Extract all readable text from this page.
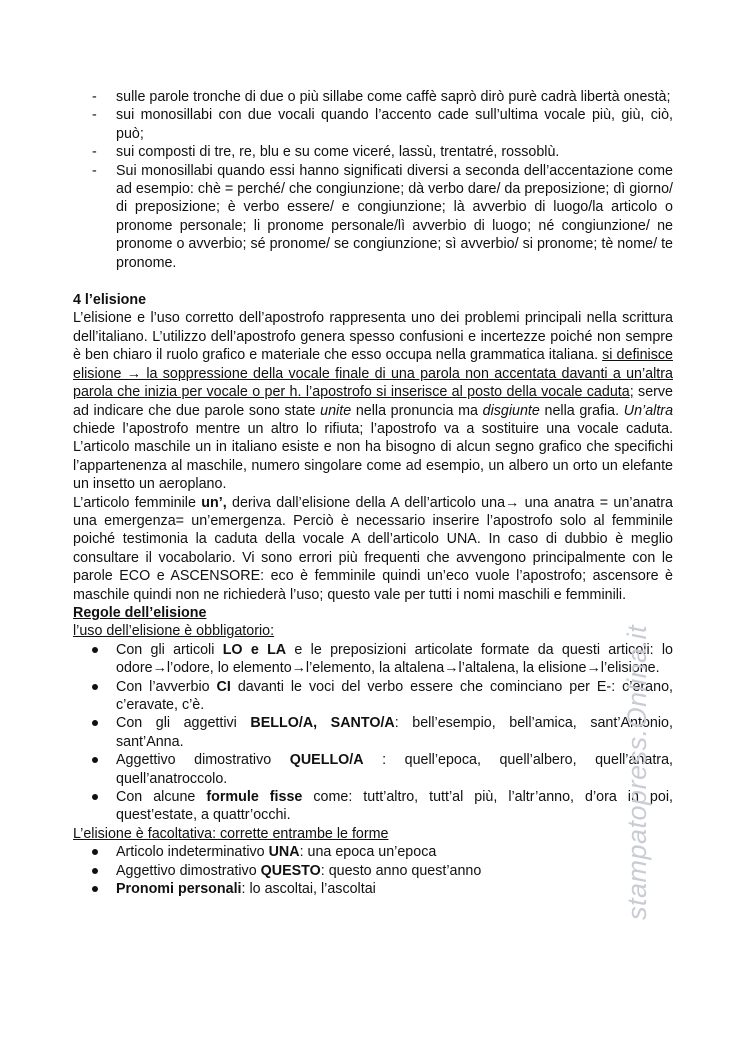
- sulle parole tronche di due o più sillabe come caffè saprò dirò purè cadrà libertà onestà;
- sui monosillabi con due vocali quando l’accento cade sull’ultima vocale più, giù, ciò, può;
- sui composti di tre, re, blu e su come viceré, lassù, trentatré, rossoblù.
- Sui monosillabi quando essi hanno significati diversi a seconda dell’accentazione come ad esempio: chè = perché/ che congiunzione; dà verbo dare/ da preposizione; dì giorno/ di preposizione; è verbo essere/ e congiunzione; là avverbio di luogo/la articolo o pronome personale; li pronome personale/lì avverbio di luogo; né congiunzione/ ne pronome o avverbio; sé pronome/ se congiunzione; sì avverbio/ si pronome; tè nome/ te pronome.
4 l’elisione

L’elisione e l’uso corretto dell’apostrofo rappresenta uno dei problemi principali nella scrittura dell’italiano. L’utilizzo dell’apostrofo genera spesso confusioni e incertezze poiché non sempre è ben chiaro il ruolo grafico e materiale che esso occupa nella grammatica italiana. si definisce elisione → la soppressione della vocale finale di una parola non accentata davanti a un’altra parola che inizia per vocale o per h. l’apostrofo si inserisce al posto della vocale caduta; serve ad indicare che due parole sono state unite nella pronuncia ma disgiunte nella grafia. Un’altra chiede l’apostrofo mentre un altro lo rifiuta; l’apostrofo va a sostituire una vocale caduta. L’articolo maschile un in italiano esiste e non ha bisogno di alcun segno grafico che specifichi l’appartenenza al maschile, numero singolare come ad esempio, un albero un orto un elefante un insetto un aeroplano.

L’articolo femminile un’, deriva dall’elisione della A dell’articolo una→ una anatra = un’anatra una emergenza= un’emergenza. Perciò è necessario inserire l’apostrofo solo al femminile poiché testimonia la caduta della vocale A dell’articolo UNA. In caso di dubbio è meglio consultare il vocabolario. Vi sono errori più frequenti che avvengono principalmente con le parole ECO e ASCENSORE: eco è femminile quindi un’eco vuole l’apostrofo; ascensore è maschile quindi non ne richiederà l’uso; questo vale per tutti i nomi maschili e femminili.

Regole dell’elisione
l’uso dell’elisione è obbligatorio:
Con gli articoli LO e LA e le preposizioni articolate formate da questi articoli: lo odore→l’odore, lo elemento→l’elemento, la altalena→l’altalena, la elisione→l’elisione.
Con l’avverbio CI davanti le voci del verbo essere che cominciano per E-: c’erano, c’eravate, c’è.
Con gli aggettivi BELLO/A, SANTO/A: bell’esempio, bell’amica, sant’Antonio, sant’Anna.
Aggettivo dimostrativo QUELLO/A : quell’epoca, quell’albero, quell’anatra, quell’anatroccolo.
Con alcune formule fisse come: tutt’altro, tutt’al più, l’altr’anno, d’ora in poi, quest’estate, a quattr’occhi.
L’elisione è facoltativa: corrette entrambe le forme
Articolo indeterminativo UNA: una epoca un’epoca
Aggettivo dimostrativo QUESTO: questo anno quest’anno
Pronomi personali: lo ascoltai, l’ascoltai	stampatopress.Onlina.it
